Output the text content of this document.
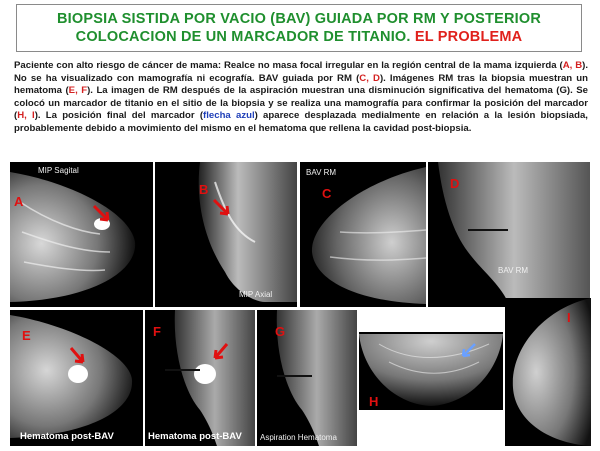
BIOPSIA SISTIDA POR VACIO (BAV) GUIADA POR RM Y POSTERIOR
COLOCACION DE UN MARCADOR DE TITANIO. EL PROBLEMA
Paciente con alto riesgo de cáncer de mama: Realce no masa focal irregular en la región central de la mama izquierda (A, B). No se ha visualizado con mamografía ni ecografía. BAV guiada por RM (C, D). Imágenes RM tras la biopsia muestran un hematoma (E, F). La imagen de RM después de la aspiración muestran una disminución significativa del hematoma (G). Se colocó un marcador de titanio en el sitio de la biopsia y se realiza una mamografía para confirmar la posición del marcador (H, I). La posición final del marcador (flecha azul) aparece desplazada medialmente en relación a la lesión biopsiada, probablemente debido a movimiento del mismo en el hematoma que rellena la cavidad post-biopsia.
A
MIP Sagital
B
MIP Axial
C
BAV RM
D
BAV RM
E
Hematoma post-BAV
F
Hematoma post-BAV
G
Aspiration Hematoma
H
I
